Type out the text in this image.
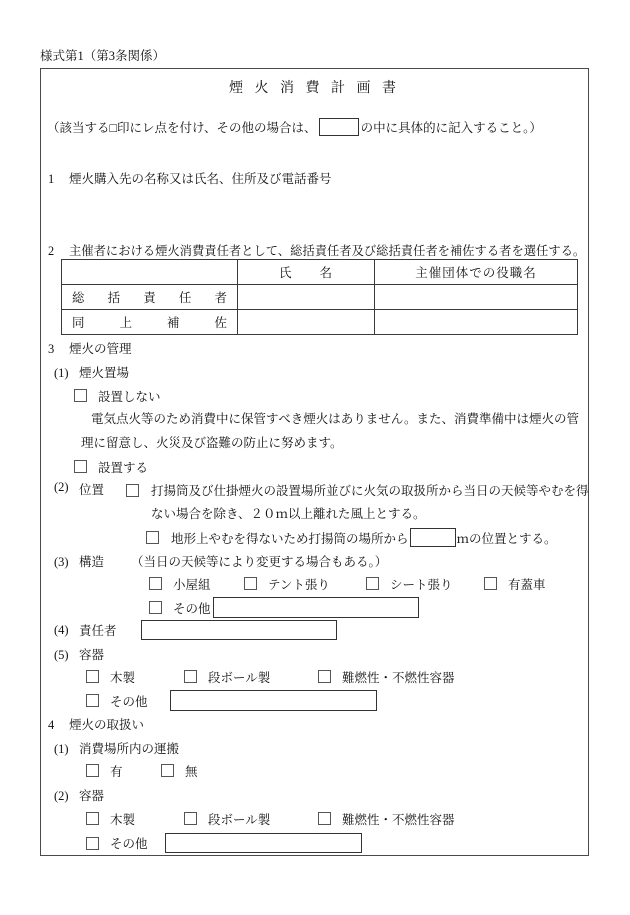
様式第1（第3条関係）
煙 火 消 費 計 画 書
（該当する□印にレ点を付け、その他の場合は、	の中に具体的に記入すること。）
1 煙火購入先の名称又は氏名、住所及び電話番号
2 主催者における煙火消費責任者として、総括責任者及び総括責任者を補佐する者を選任する。
	氏　　名	主催団体での役職名
総括責任者		
同上補佐		
3 煙火の管理
(1) 煙火置場
設置しない
電気点火等のため消費中に保管すべき煙火はありません。また、消費準備中は煙火の管理に留意し、火災及び盗難の防止に努めます。
設置する
(2) 位置	打揚筒及び仕掛煙火の設置場所並びに火気の取扱所から当日の天候等やむを得ない場合を除き、２０ｍ以上離れた風上とする。
地形上やむを得ないため打揚筒の場所から	ｍの位置とする。
(3) 構造 （当日の天候等により変更する場合もある。）
小屋組	テント張り	シート張り	有蓋車
その他
(4) 責任者
(5) 容器
木製	段ボール製	難燃性・不燃性容器
その他
4 煙火の取扱い
(1) 消費場所内の運搬
有	無
(2) 容器
木製	段ボール製	難燃性・不燃性容器
その他
